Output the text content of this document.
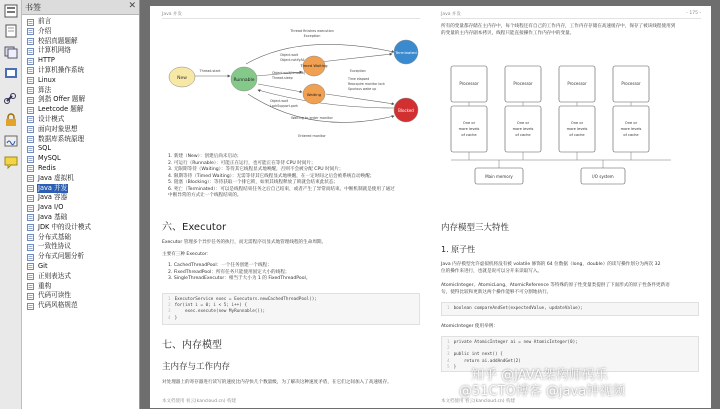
书签	✕
前言
介绍
校招真题题解
计算机网络
HTTP
计算机操作系统
Linux
算法
剑指 Offer 题解
Leetcode 题解
设计模式
面向对象思想
数据库系统原理
SQL
MySQL
Redis
Java 虚拟机
Java 并发
Java 容器
Java I/O
Java 基础
JDK 中的设计模式
分布式基础
一致性协议
分布式问题分析
Git
正则表达式
重构
代码可读性
代码风格规范
Java 并发
New	Runnable
Timed Waiting
Waiting
Terminated
Blocked
Thread finishes execution
Exception
Thread.start
Object.wait
Object.notifyAll
Object.wait(timeout)
Thread.sleep
Object.wait
LockSupport.park
Exception
Time elapsed
Reacquire monitor lock
Spurious wake up
Waiting to enter monitor
Entered monitor
1. 新建（New）：创建后尚未启动；
2. 可运行（Runnable）：可能正在运行，也可能正在等待 CPU 时间片；
3. 无限期等待（Waiting）：等待其它线程显式地唤醒，否则不会被分配 CPU 时间片；
4. 限期等待（Timed Waiting）：无需等待其它线程显式地唤醒，在一定时间之后会被系统自动唤醒；
5. 阻塞（Blocking）：等待获取一个排它锁，如果其线程释放了锁就会结束此状态；
6. 死亡（Terminated）：可以是线程结束任务之后自己结束，或者产生了异常而结束。中断机制就是使用了通过
中断异常的方式让一个线程结束的。
六、Executor
Executor 管理多个异步任务的执行，而无需程序员显式地管理线程的生命周期。
主要有三种 Executor：
1. CachedThreadPool：一个任务创建一个线程；
2. FixedThreadPool：所有任务只能使用固定大小的线程；
3. SingleThreadExecutor：相当于大小为 1 的 FixedThreadPool。
1 ExecutorService exec = Executors.newCachedThreadPool();
2 for(int i = 0; i < 5; i++) {
3    exec.execute(new MyRunnable());
4 }
七、内存模型
主内存与工作内存
对处理器上的寄存器进行读写的速度比内存快几个数量级，为了解决这种速度矛盾，在它们之间加入了高速缓存。
本文档使用 看云(kancloud.cn) 构建
Java 并发	- 175 -
所有的变量都存储在主内存中，每个线程还有自己的工作内存，工作内存存储在高速缓存中，保存了被该线程使用到
的变量的主内存副本拷贝，线程只能直接操作工作内存中的变量。
Processor
One or
more levels
of cache
Processor
One or
more levels
of cache
Processor
One or
more levels
of cache
Processor
One or
more levels
of cache
Main memory	I/O system
内存模型三大特性
1. 原子性
Java 内存模型允许虚拟机将没有被 volatile 修饰的 64 位数据（long，double）的读写操作划分为两次 32
位的操作来进行，也就是说可以分开来读取写入。
AtomicInteger、AtomicLong、AtomicReference 等特殊的原子性变量类提供了下面形式的原子性条件更新语
句，使得比较和更新这两个操作能够不可分割地执行。
1 boolean compareAndSet(expectedValue, updateValue);
AtomicInteger 使用举例：
1 private AtomicInteger ai = new AtomicInteger(0);
2
3 public int next() {
4    return ai.addAndGet(2)
5 }
本文档使用 看云(kancloud.cn) 构建
知乎 @JAVA架构师码乐
@51CTO博客 @java钟视频
